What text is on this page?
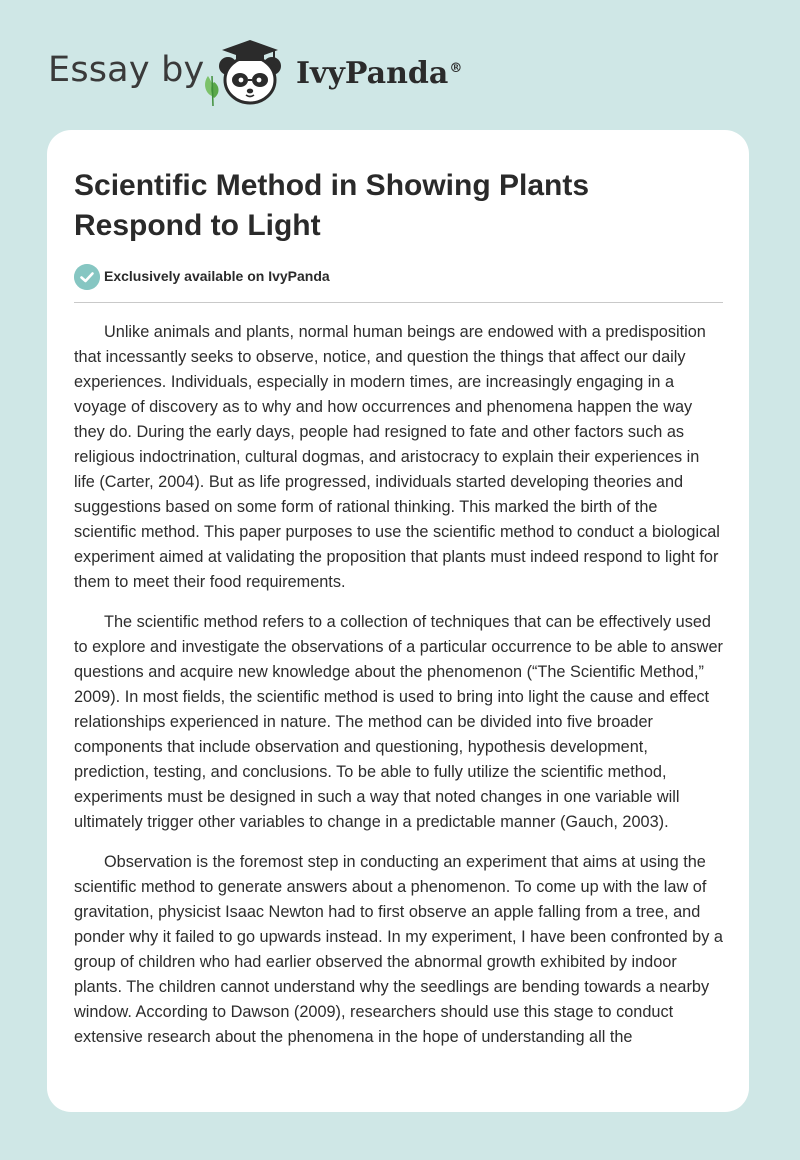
Essay by	IvyPanda®
Scientific Method in Showing Plants Respond to Light
Exclusively available on IvyPanda

Unlike animals and plants, normal human beings are endowed with a predisposition that incessantly seeks to observe, notice, and question the things that affect our daily experiences. Individuals, especially in modern times, are increasingly engaging in a voyage of discovery as to why and how occurrences and phenomena happen the way they do. During the early days, people had resigned to fate and other factors such as religious indoctrination, cultural dogmas, and aristocracy to explain their experiences in life (Carter, 2004). But as life progressed, individuals started developing theories and suggestions based on some form of rational thinking. This marked the birth of the scientific method. This paper purposes to use the scientific method to conduct a biological experiment aimed at validating the proposition that plants must indeed respond to light for them to meet their food requirements.

The scientific method refers to a collection of techniques that can be effectively used to explore and investigate the observations of a particular occurrence to be able to answer questions and acquire new knowledge about the phenomenon (“The Scientific Method,” 2009). In most fields, the scientific method is used to bring into light the cause and effect relationships experienced in nature. The method can be divided into five broader components that include observation and questioning, hypothesis development, prediction, testing, and conclusions. To be able to fully utilize the scientific method, experiments must be designed in such a way that noted changes in one variable will ultimately trigger other variables to change in a predictable manner (Gauch, 2003).

Observation is the foremost step in conducting an experiment that aims at using the scientific method to generate answers about a phenomenon. To come up with the law of gravitation, physicist Isaac Newton had to first observe an apple falling from a tree, and ponder why it failed to go upwards instead. In my experiment, I have been confronted by a group of children who had earlier observed the abnormal growth exhibited by indoor plants. The children cannot understand why the seedlings are bending towards a nearby window. According to Dawson (2009), researchers should use this stage to conduct extensive research about the phenomena in the hope of understanding all the
